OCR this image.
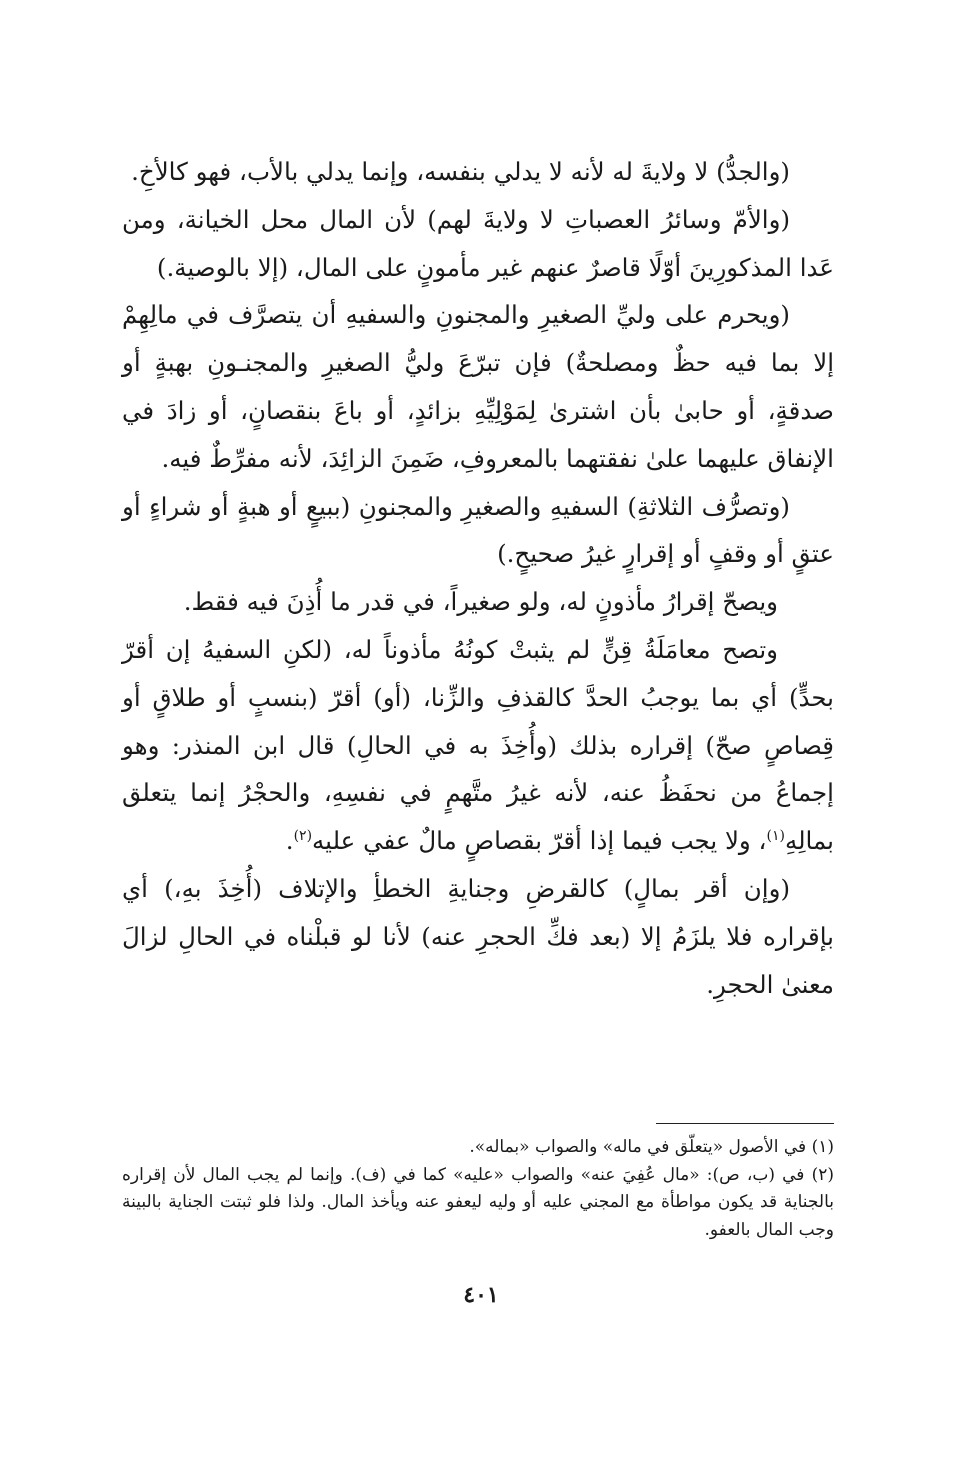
(والجدُّ) لا ولايةَ له لأنه لا يدلي بنفسه، وإنما يدلي بالأب، فهو كالأخِ.

(والأمّ وسائرُ العصباتِ لا ولايةَ لهم) لأن المال محل الخيانة، ومن عَدا المذكورِينَ أوّلًا قاصرٌ عنهم غير مأمونٍ على المال، (إلا بالوصية.)

(ويحرم على وليِّ الصغيرِ والمجنونِ والسفيهِ أن يتصرَّف في مالِهِمْ إلا بما فيه حظٌ ومصلحةٌ) فإن تبرّعَ وليُّ الصغيرِ والمجنـونِ بهبةٍ أو صدقةٍ، أو حابىٰ بأن اشترىٰ لِمَوْلِيِّهِ بزائدٍ، أو باعَ بنقصانٍ، أو زادَ في الإنفاق عليهما علىٰ نفقتهما بالمعروفِ، ضَمِنَ الزائِدَ، لأنه مفرِّطٌ فيه.

(وتصرُّف الثلاثةِ) السفيهِ والصغيرِ والمجنونِ (ببيعٍ أو هبةٍ أو شراءٍ أو عتقٍ أو وقفٍ أو إقرارٍ غيرُ صحيحٍ.)

ويصحّ إقرارُ مأذونٍ له، ولو صغيراً، في قدر ما أُذِنَ فيه فقط.

وتصح معامَلَةُ قِنٍّ لم يثبتْ كونُهُ مأذوناً له، (لكنِ السفيهُ إن أقرّ بحدٍّ) أي بما يوجبُ الحدَّ كالقذفِ والزِّنا، (أو) أقرّ (بنسبٍ أو طلاقٍ أو قِصاصٍ صحّ) إقراره بذلك (وأُخِذَ به في الحالِ) قال ابن المنذر: وهو إجماعُ من نحفَظُ عنه، لأنه غيرُ متَّهمٍ في نفسِهِ، والحجْرُ إنما يتعلق بمالِهِ$^{(١)}$، ولا يجب فيما إذا أقرّ بقصاصٍ مالٌ عفي عليه$^{(٢)}$.

(وإن أقر بمالٍ) كالقرضِ وجنايةِ الخطأِ والإتلاف (أُخِذَ بهِ،) أي بإقراره فلا يلزَمُ إلا (بعد فكِّ الحجرِ عنه) لأنا لو قبلْناه في الحالِ لزالَ معنىٰ الحجرِ.

(١) في الأصول «يتعلّق في ماله» والصواب «بماله».

(٢) في (ب، ص): «مال عُفِيَ عنه» والصواب «عليه» كما في (ف). وإنما لم يجب المال لأن إقراره بالجناية قد يكون مواطأة مع المجني عليه أو وليه ليعفو عنه ويأخذ المال. ولذا فلو ثبتت الجناية بالبينة وجب المال بالعفو.

٤٠١
